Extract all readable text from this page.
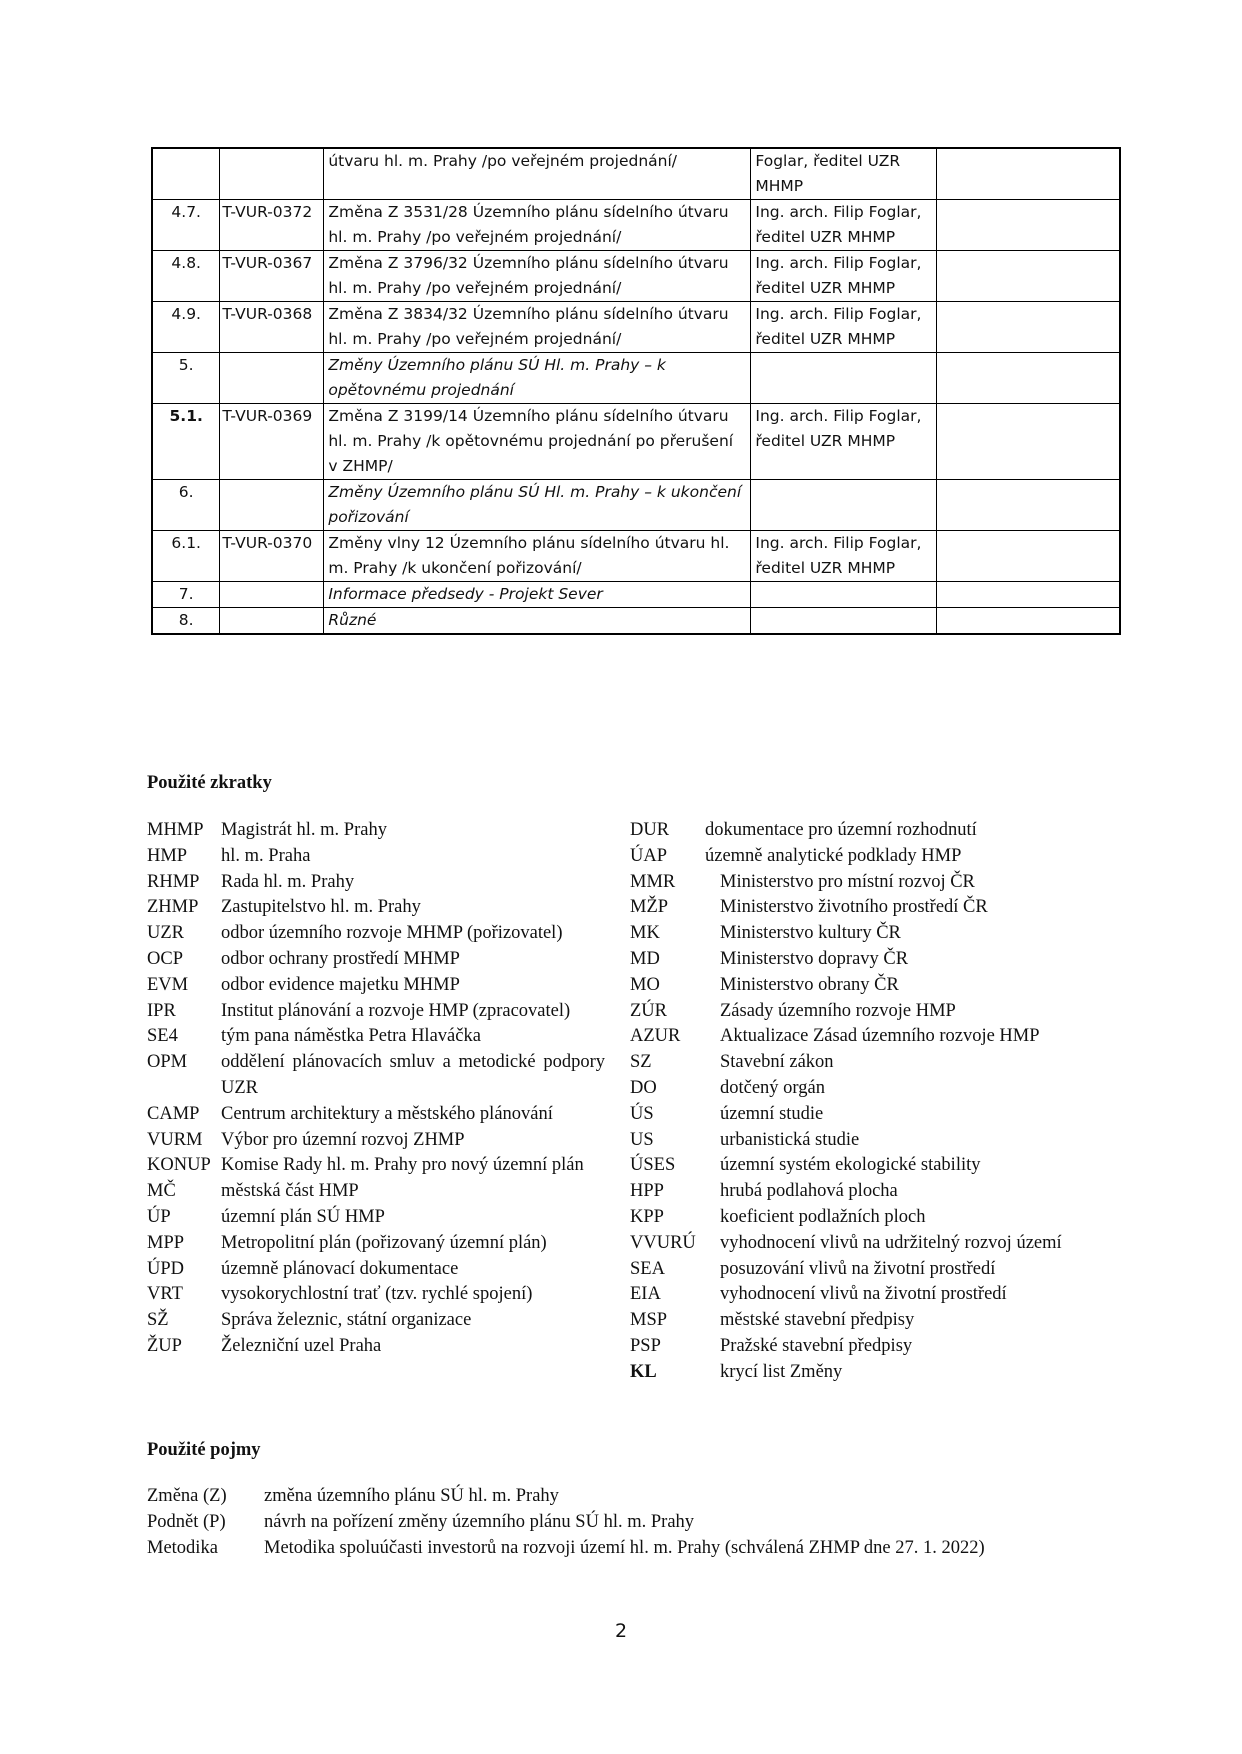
		útvaru hl. m. Prahy /po veřejném projednání/	Foglar, ředitel UZR MHMP	
4.7.	T-VUR-0372	Změna Z 3531/28 Územního plánu sídelního útvaru hl. m. Prahy /po veřejném projednání/	Ing. arch. Filip Foglar, ředitel UZR MHMP	
4.8.	T-VUR-0367	Změna Z 3796/32 Územního plánu sídelního útvaru hl. m. Prahy /po veřejném projednání/	Ing. arch. Filip Foglar, ředitel UZR MHMP	
4.9.	T-VUR-0368	Změna Z 3834/32 Územního plánu sídelního útvaru hl. m. Prahy /po veřejném projednání/	Ing. arch. Filip Foglar, ředitel UZR MHMP	
5.		Změny Územního plánu SÚ Hl. m. Prahy – k opětovnému projednání		
5.1.	T-VUR-0369	Změna Z 3199/14 Územního plánu sídelního útvaru hl. m. Prahy /k opětovnému projednání po přerušení v ZHMP/	Ing. arch. Filip Foglar, ředitel UZR MHMP	
6.		Změny Územního plánu SÚ Hl. m. Prahy – k ukončení pořizování		
6.1.	T-VUR-0370	Změny vlny 12 Územního plánu sídelního útvaru hl. m. Prahy /k ukončení pořizování/	Ing. arch. Filip Foglar, ředitel UZR MHMP	
7.		Informace předsedy - Projekt Sever		
8.		Různé		
Použité zkratky
MHMP Magistrát hl. m. Prahy
HMP	hl. m. Praha
RHMP	Rada hl. m. Prahy
ZHMP	Zastupitelstvo hl. m. Prahy
UZR	odbor územního rozvoje MHMP (pořizovatel)
OCP	odbor ochrany prostředí MHMP
EVM	odbor evidence majetku MHMP
IPR	Institut plánování a rozvoje HMP (zpracovatel)
SE4	tým pana náměstka Petra Hlaváčka
OPM	oddělení plánovacích smluv a metodické podpory UZR
CAMP	Centrum architektury a městského plánování
VURM Výbor pro územní rozvoj ZHMP
KONUP Komise Rady hl. m. Prahy pro nový územní plán
MČ	městská část HMP
ÚP	územní plán SÚ HMP
MPP	Metropolitní plán (pořizovaný územní plán)
ÚPD	územně plánovací dokumentace
VRT	vysokorychlostní trať (tzv. rychlé spojení)
SŽ	Správa železnic, státní organizace
ŽUP	Železniční uzel Praha
DUR	dokumentace pro územní rozhodnutí
ÚAP	územně analytické podklady HMP
MMR	Ministerstvo pro místní rozvoj ČR
MŽP	Ministerstvo životního prostředí ČR
MK	Ministerstvo kultury ČR
MD	Ministerstvo dopravy ČR
MO	Ministerstvo obrany ČR
ZÚR	Zásady územního rozvoje HMP
AZUR	Aktualizace Zásad územního rozvoje HMP
SZ	Stavební zákon
DO	dotčený orgán
ÚS	územní studie
US	urbanistická studie
ÚSES	územní systém ekologické stability
HPP	hrubá podlahová plocha
KPP	koeficient podlažních ploch
VVURÚ	vyhodnocení vlivů na udržitelný rozvoj území
SEA	posuzování vlivů na životní prostředí
EIA	vyhodnocení vlivů na životní prostředí
MSP	městské stavební předpisy
PSP	Pražské stavební předpisy
KL	krycí list Změny
Použité pojmy
Změna (Z)	změna územního plánu SÚ hl. m. Prahy
Podnět (P)	návrh na pořízení změny územního plánu SÚ hl. m. Prahy
Metodika	Metodika spoluúčasti investorů na rozvoji území hl. m. Prahy (schválená ZHMP dne 27. 1. 2022)
2
